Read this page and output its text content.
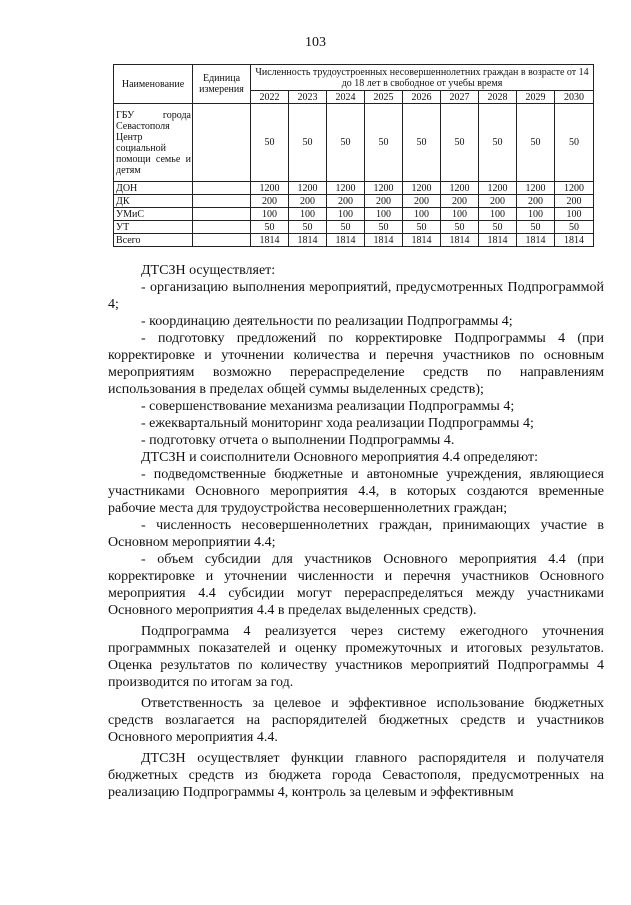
103
Наименование	Единица измерения	Численность трудоустроенных несовершеннолетних граждан в возрасте от 14 до 18 лет в свободное от учебы время								
		2022	2023	2024	2025	2026	2027	2028	2029	2030
ГБУ города Севастополя Центр социальной помощи семье и детям		50	50	50	50	50	50	50	50	50
ДОН		1200	1200	1200	1200	1200	1200	1200	1200	1200
ДК		200	200	200	200	200	200	200	200	200
УМиС		100	100	100	100	100	100	100	100	100
УТ		50	50	50	50	50	50	50	50	50
Всего		1814	1814	1814	1814	1814	1814	1814	1814	1814

ДТСЗН осуществляет:

- организацию выполнения мероприятий, предусмотренных Подпрограммой 4;

- координацию деятельности по реализации Подпрограммы 4;

- подготовку предложений по корректировке Подпрограммы 4 (при корректировке и уточнении количества и перечня участников по основным мероприятиям возможно перераспределение средств по направлениям использования в пределах общей суммы выделенных средств);

- совершенствование механизма реализации Подпрограммы 4;

- ежеквартальный мониторинг хода реализации Подпрограммы 4;

- подготовку отчета о выполнении Подпрограммы 4.

ДТСЗН и соисполнители Основного мероприятия 4.4 определяют:

- подведомственные бюджетные и автономные учреждения, являющиеся участниками Основного мероприятия 4.4, в которых создаются временные рабочие места для трудоустройства несовершеннолетних граждан;

- численность несовершеннолетних граждан, принимающих участие в Основном мероприятии 4.4;

- объем субсидии для участников Основного мероприятия 4.4 (при корректировке и уточнении численности и перечня участников Основного мероприятия 4.4 субсидии могут перераспределяться между участниками Основного мероприятия 4.4 в пределах выделенных средств).

Подпрограмма 4 реализуется через систему ежегодного уточнения программных показателей и оценку промежуточных и итоговых результатов. Оценка результатов по количеству участников мероприятий Подпрограммы 4 производится по итогам за год.

Ответственность за целевое и эффективное использование бюджетных средств возлагается на распорядителей бюджетных средств и участников Основного мероприятия 4.4.

ДТСЗН осуществляет функции главного распорядителя и получателя бюджетных средств из бюджета города Севастополя, предусмотренных на реализацию Подпрограммы 4, контроль за целевым и эффективным
